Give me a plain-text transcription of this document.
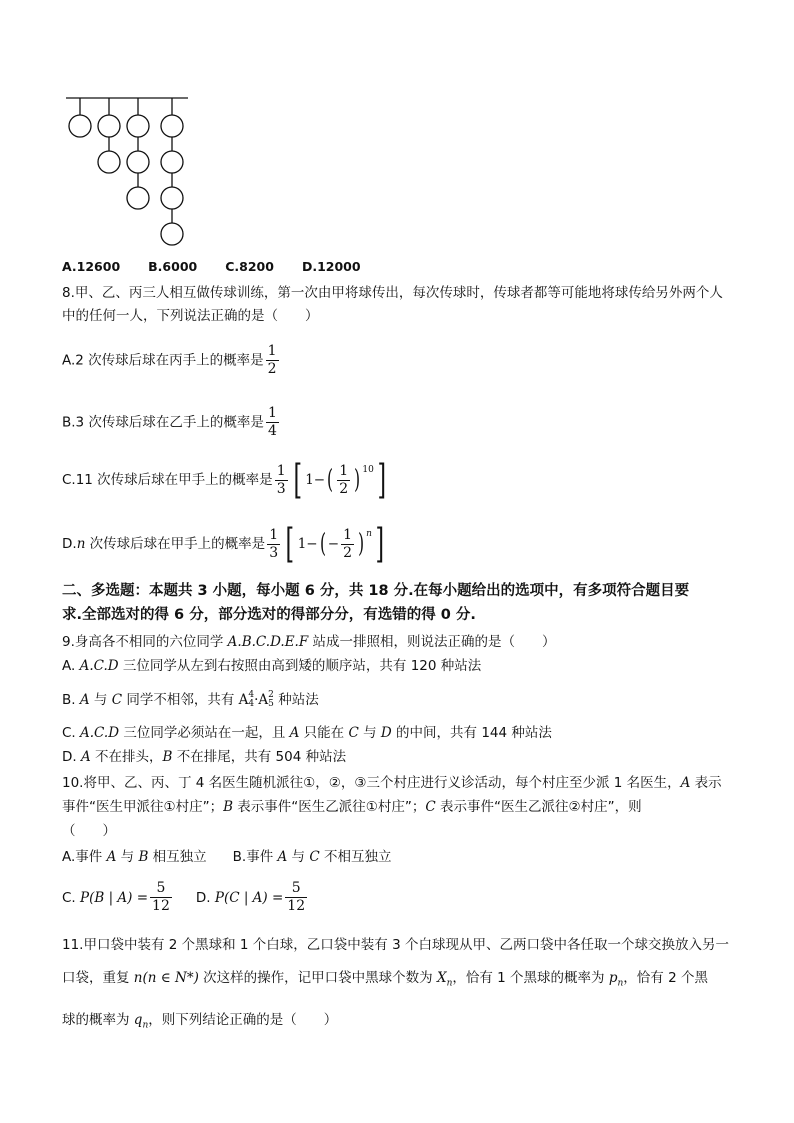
A.12600 B.6000 C.8200 D.12000
8.甲、乙、丙三人相互做传球训练，第一次由甲将球传出，每次传球时，传球者都等可能地将球传给另外两个人
中的任何一人，下列说法正确的是（　　）
A.2 次传球后球在丙手上的概率是 $\frac{1}{2}$
B.3 次传球后球在乙手上的概率是 $\frac{1}{4}$
C.11 次传球后球在甲手上的概率是 $\frac{1}{3}$ [ $1-( \frac{1}{2}$ ) $^{10}$]
D.n 次传球后球在甲手上的概率是 $\frac{1}{3}$ [ $1-( - \frac{1}{2}$ ) $^n$]
二、多选题：本题共 3 小题，每小题 6 分，共 18 分.在每小题给出的选项中，有多项符合题目要
求.全部选对的得 6 分，部分选对的得部分分，有选错的得 0 分.
9.身高各不相同的六位同学 A.B.C.D.E.F 站成一排照相，则说法正确的是（　　）
A. A.C.D 三位同学从左到右按照由高到矮的顺序站，共有 120 种站法
B. A 与 C 同学不相邻，共有 A 4
4 ·A 2
5 种站法
C. A.C.D 三位同学必须站在一起，且 A 只能在 C 与 D 的中间，共有 144 种站法
D. A 不在排头，B 不在排尾，共有 504 种站法
10.将甲、乙、丙、丁 4 名医生随机派往①，②，③三个村庄进行义诊活动，每个村庄至少派 1 名医生，A 表示
事件“医生甲派往①村庄”；B 表示事件“医生乙派往①村庄”；C 表示事件“医生乙派往②村庄”，则
（　　）
A.事件 A 与 B 相互独立 B.事件 A 与 C 不相互独立
C. P(B | $A) = \frac{5}{12} D$. P(C | $A) = \frac{5}{12}$
11.甲口袋中装有 2 个黑球和 1 个白球，乙口袋中装有 3 个白球现从甲、乙两口袋中各任取一个球交换放入另一
口袋，重复 n(n ∈ N*) 次这样的操作，记甲口袋中黑球个数为 $X_n$，恰有 1 个黑球的概率为 $p_n$，恰有 2 个黑
球的概率为 $q_n$，则下列结论正确的是（　　）
